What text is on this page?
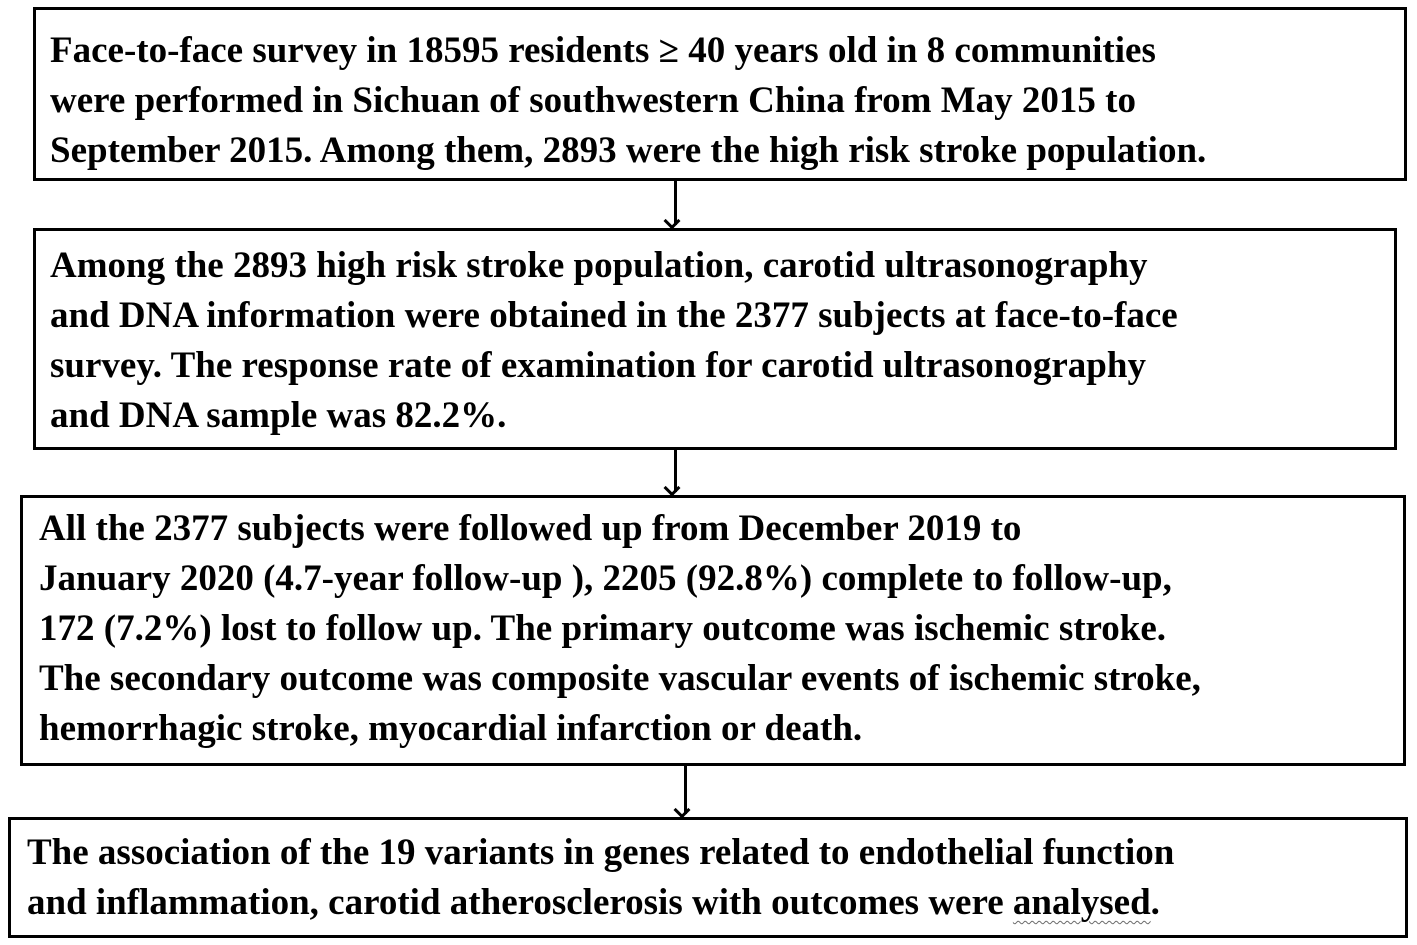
Face-to-face survey in 18595 residents ≥ 40 years old in 8 communities

were performed in Sichuan of southwestern China from May 2015 to

September 2015. Among them, 2893 were the high risk stroke population.

Among the 2893 high risk stroke population, carotid ultrasonography

and DNA information were obtained in the 2377 subjects at face-to-face

survey. The response rate of examination for carotid ultrasonography

and DNA sample was 82.2%.

All the 2377 subjects were followed up from December 2019 to

January 2020 (4.7-year follow-up ), 2205 (92.8%) complete to follow-up,

172 (7.2%) lost to follow up. The primary outcome was ischemic stroke.

The secondary outcome was composite vascular events of ischemic stroke,

hemorrhagic stroke, myocardial infarction or death.

The association of the 19 variants in genes related to endothelial function

and inflammation, carotid atherosclerosis with outcomes were analysed.
